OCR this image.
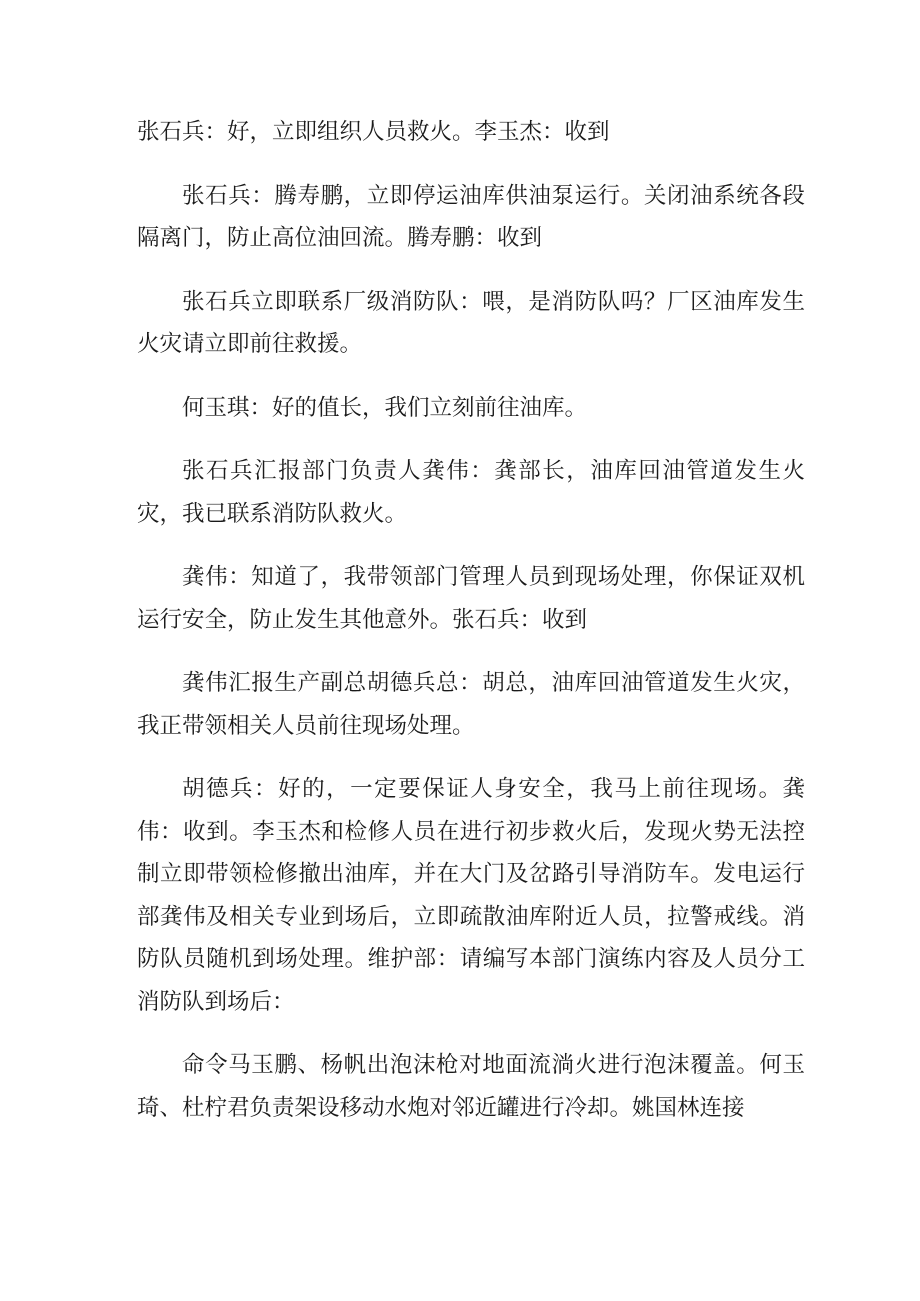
张石兵：好，立即组织人员救火。李玉杰：收到

张石兵：腾寿鹏，立即停运油库供油泵运行。关闭油系统各段隔离门，防止高位油回流。腾寿鹏：收到

张石兵立即联系厂级消防队：喂，是消防队吗？厂区油库发生火灾请立即前往救援。

何玉琪：好的值长，我们立刻前往油库。

张石兵汇报部门负责人龚伟：龚部长，油库回油管道发生火灾，我已联系消防队救火。

龚伟：知道了，我带领部门管理人员到现场处理，你保证双机运行安全，防止发生其他意外。张石兵：收到

龚伟汇报生产副总胡德兵总：胡总，油库回油管道发生火灾，我正带领相关人员前往现场处理。

胡德兵：好的，一定要保证人身安全，我马上前往现场。龚伟：收到。李玉杰和检修人员在进行初步救火后，发现火势无法控制立即带领检修撤出油库，并在大门及岔路引导消防车。发电运行部龚伟及相关专业到场后，立即疏散油库附近人员，拉警戒线。消防队员随机到场处理。维护部：请编写本部门演练内容及人员分工消防队到场后：

命令马玉鹏、杨帆出泡沫枪对地面流淌火进行泡沫覆盖。何玉琦、杜柠君负责架设移动水炮对邻近罐进行冷却。姚国林连接
